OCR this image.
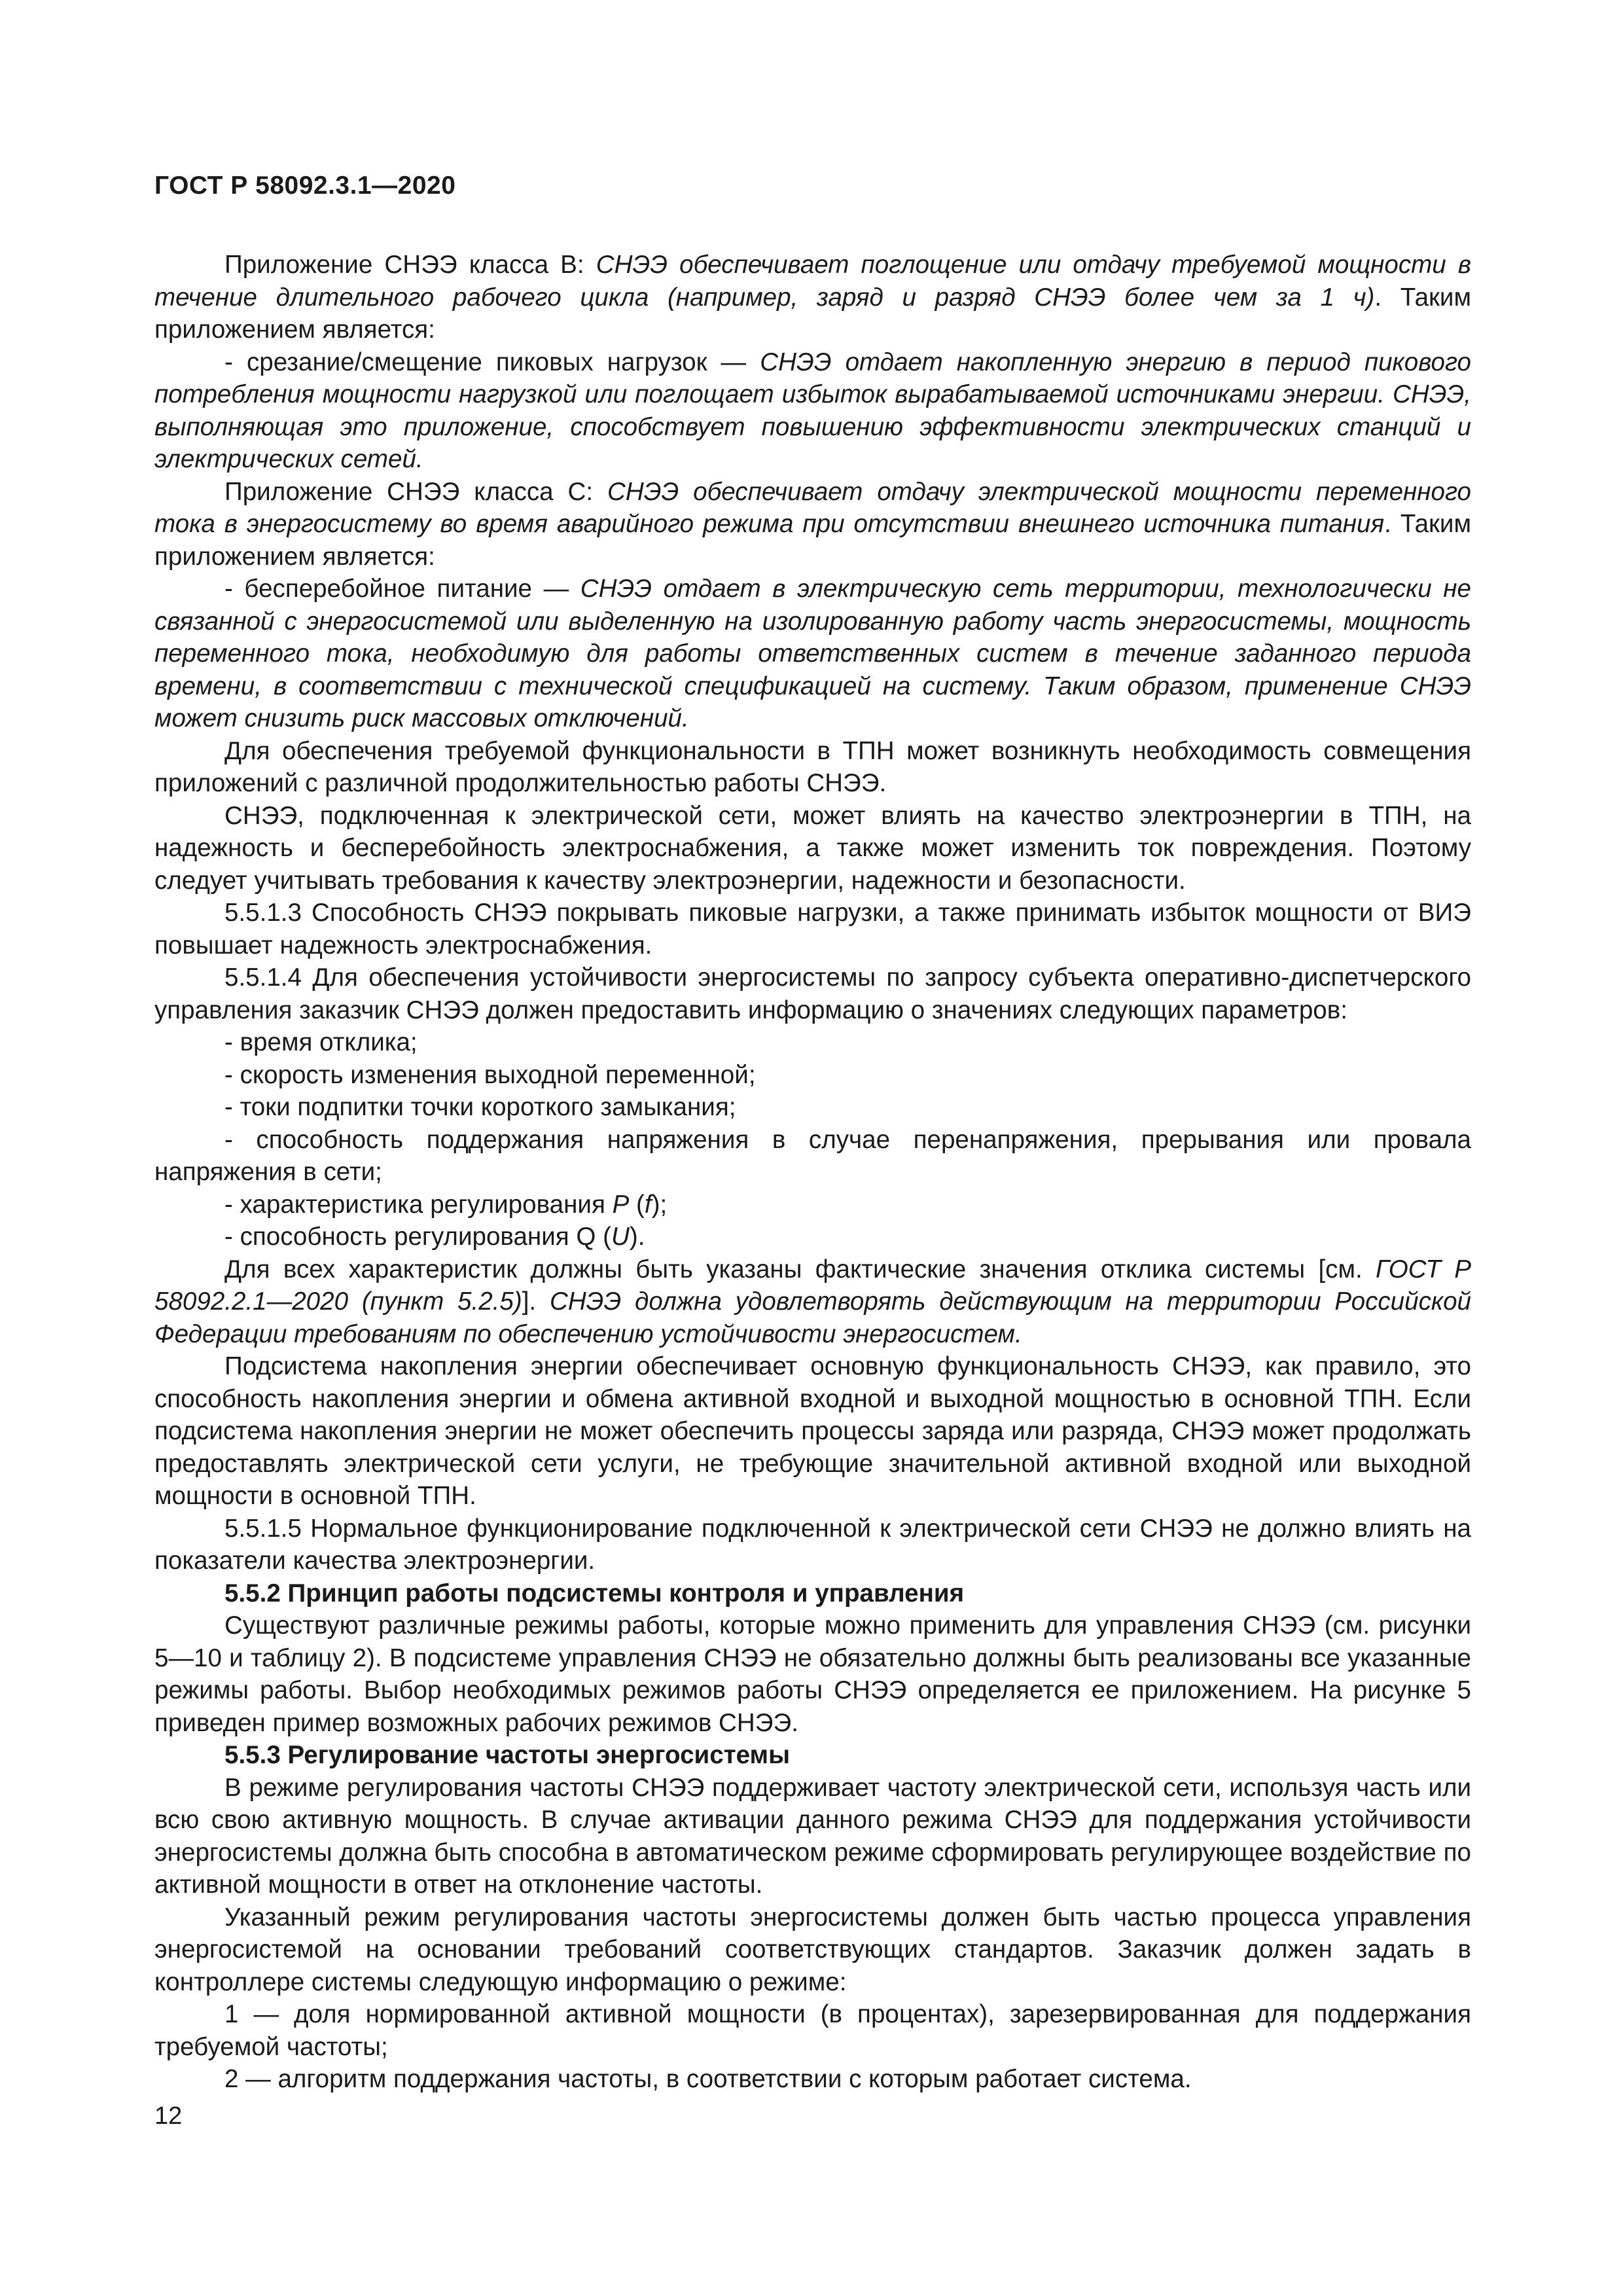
ГОСТ Р 58092.3.1—2020

Приложение СНЭЭ класса В: СНЭЭ обеспечивает поглощение или отдачу требуемой мощности в течение длительного рабочего цикла (например, заряд и разряд СНЭЭ более чем за 1 ч). Таким приложением является:

- срезание/смещение пиковых нагрузок — СНЭЭ отдает накопленную энергию в период пикового потребления мощности нагрузкой или поглощает избыток вырабатываемой источниками энергии. СНЭЭ, выполняющая это приложение, способствует повышению эффективности электрических станций и электрических сетей.

Приложение СНЭЭ класса С: СНЭЭ обеспечивает отдачу электрической мощности переменного тока в энергосистему во время аварийного режима при отсутствии внешнего источника питания. Таким приложением является:

- бесперебойное питание — СНЭЭ отдает в электрическую сеть территории, технологически не связанной с энергосистемой или выделенную на изолированную работу часть энергосистемы, мощность переменного тока, необходимую для работы ответственных систем в течение заданного периода времени, в соответствии с технической спецификацией на систему. Таким образом, применение СНЭЭ может снизить риск массовых отключений.

Для обеспечения требуемой функциональности в ТПН может возникнуть необходимость совмещения приложений с различной продолжительностью работы СНЭЭ.

СНЭЭ, подключенная к электрической сети, может влиять на качество электроэнергии в ТПН, на надежность и бесперебойность электроснабжения, а также может изменить ток повреждения. Поэтому следует учитывать требования к качеству электроэнергии, надежности и безопасности.

5.5.1.3 Способность СНЭЭ покрывать пиковые нагрузки, а также принимать избыток мощности от ВИЭ повышает надежность электроснабжения.

5.5.1.4 Для обеспечения устойчивости энергосистемы по запросу субъекта оперативно-диспетчерского управления заказчик СНЭЭ должен предоставить информацию о значениях следующих параметров:

- время отклика;

- скорость изменения выходной переменной;

- токи подпитки точки короткого замыкания;

- способность поддержания напряжения в случае перенапряжения, прерывания или провала напряжения в сети;

- характеристика регулирования P (f);

- способность регулирования Q (U).

Для всех характеристик должны быть указаны фактические значения отклика системы [см. ГОСТ Р 58092.2.1—2020 (пункт 5.2.5)]. СНЭЭ должна удовлетворять действующим на территории Российской Федерации требованиям по обеспечению устойчивости энергосистем.

Подсистема накопления энергии обеспечивает основную функциональность СНЭЭ, как правило, это способность накопления энергии и обмена активной входной и выходной мощностью в основной ТПН. Если подсистема накопления энергии не может обеспечить процессы заряда или разряда, СНЭЭ может продолжать предоставлять электрической сети услуги, не требующие значительной активной входной или выходной мощности в основной ТПН.

5.5.1.5 Нормальное функционирование подключенной к электрической сети СНЭЭ не должно влиять на показатели качества электроэнергии.

5.5.2 Принцип работы подсистемы контроля и управления

Существуют различные режимы работы, которые можно применить для управления СНЭЭ (см. рисунки 5—10 и таблицу 2). В подсистеме управления СНЭЭ не обязательно должны быть реализованы все указанные режимы работы. Выбор необходимых режимов работы СНЭЭ определяется ее приложением. На рисунке 5 приведен пример возможных рабочих режимов СНЭЭ.

5.5.3 Регулирование частоты энергосистемы

В режиме регулирования частоты СНЭЭ поддерживает частоту электрической сети, используя часть или всю свою активную мощность. В случае активации данного режима СНЭЭ для поддержания устойчивости энергосистемы должна быть способна в автоматическом режиме сформировать регулирующее воздействие по активной мощности в ответ на отклонение частоты.

Указанный режим регулирования частоты энергосистемы должен быть частью процесса управления энергосистемой на основании требований соответствующих стандартов. Заказчик должен задать в контроллере системы следующую информацию о режиме:

1 — доля нормированной активной мощности (в процентах), зарезервированная для поддержания требуемой частоты;

2 — алгоритм поддержания частоты, в соответствии с которым работает система.

12
